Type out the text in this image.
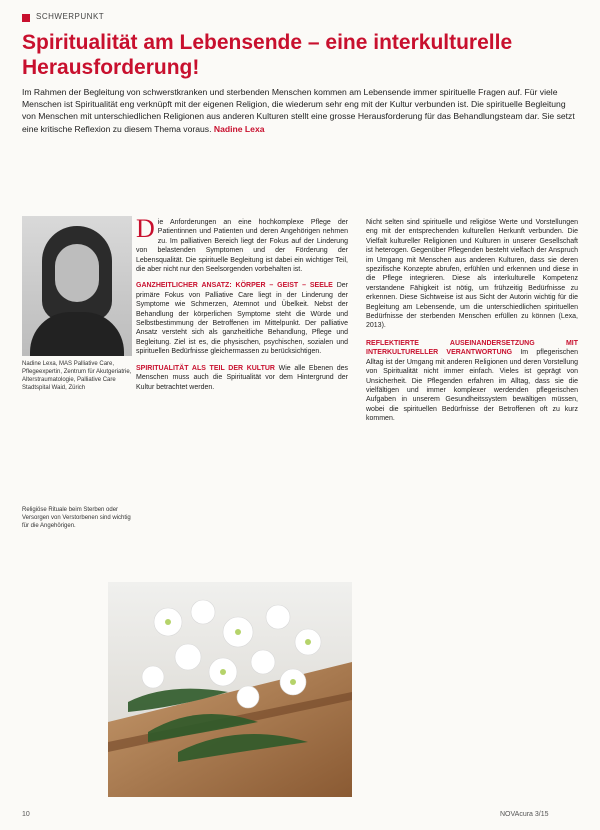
SCHWERPUNKT
Spiritualität am Lebensende – eine interkulturelle Herausforderung!
Im Rahmen der Begleitung von schwerstkranken und sterbenden Menschen kommen am Lebensende immer spirituelle Fragen auf. Für viele Menschen ist Spiritualität eng verknüpft mit der eigenen Religion, die wiederum sehr eng mit der Kultur verbunden ist. Die spirituelle Begleitung von Menschen mit unterschiedlichen Religionen aus anderen Kulturen stellt eine grosse Herausforderung für das Behandlungsteam dar. Sie setzt eine kritische Reflexion zu diesem Thema voraus. Nadine Lexa
Nadine Lexa, MAS Palliative Care, Pflegeexpertin, Zentrum für Akutgeriatrie, Alterstraumatologie, Palliative Care Stadtspital Waid, Zürich
Religiöse Rituale beim Sterben oder Versorgen von Verstorbenen sind wichtig für die Angehörigen.

Die Anforderungen an eine hochkomplexe Pflege der Patientinnen und Patienten und deren Angehörigen nehmen zu. Im palliativen Bereich liegt der Fokus auf der Linderung von belastenden Symptomen und der Förderung der Lebensqualität. Die spirituelle Begleitung ist dabei ein wichtiger Teil, die aber nicht nur den Seelsorgenden vorbehalten ist.

GANZHEITLICHER ANSATZ: KÖRPER – GEIST – SEELE Der primäre Fokus von Palliative Care liegt in der Linderung der Symptome wie Schmerzen, Atemnot und Übelkeit. Nebst der Behandlung der körperlichen Symptome steht die Würde und Selbstbestimmung der Betroffenen im Mittelpunkt. Der palliative Ansatz versteht sich als ganzheitliche Behandlung, Pflege und Begleitung. Ziel ist es, die physischen, psychischen, sozialen und spirituellen Bedürfnisse gleichermassen zu berücksichtigen.

SPIRITUALITÄT ALS TEIL DER KULTUR Wie alle Ebenen des Menschen muss auch die Spiritualität vor dem Hintergrund der Kultur betrachtet werden.

Nicht selten sind spirituelle und religiöse Werte und Vorstellungen eng mit der entsprechenden kulturellen Herkunft verbunden. Die Vielfalt kultureller Religionen und Kulturen in unserer Gesellschaft ist heterogen. Gegenüber Pflegenden besteht vielfach der Anspruch im Umgang mit Menschen aus anderen Kulturen, dass sie deren spezifische Konzepte abrufen, erfühlen und erkennen und diese in die Pflege integrieren. Diese als interkulturelle Kompetenz verstandene Fähigkeit ist nötig, um frühzeitig Bedürfnisse zu erkennen. Diese Sichtweise ist aus Sicht der Autorin wichtig für die Begleitung am Lebensende, um die unterschiedlichen spirituellen Bedürfnisse der sterbenden Menschen erfüllen zu können (Lexa, 2013).

REFLEKTIERTE AUSEINANDERSETZUNG MIT INTERKULTURELLER VERANTWORTUNG Im pflegerischen Alltag ist der Umgang mit anderen Religionen und deren Vorstellung von Spiritualität nicht immer einfach. Vieles ist geprägt von Unsicherheit. Die Pflegenden erfahren im Alltag, dass sie die vielfältigen und immer komplexer werdenden pflegerischen Aufgaben in unserem Gesundheitssystem bewältigen müssen, wobei die spirituellen Bedürfnisse der Betroffenen oft zu kurz kommen.

10	NOVAcura 3/15
